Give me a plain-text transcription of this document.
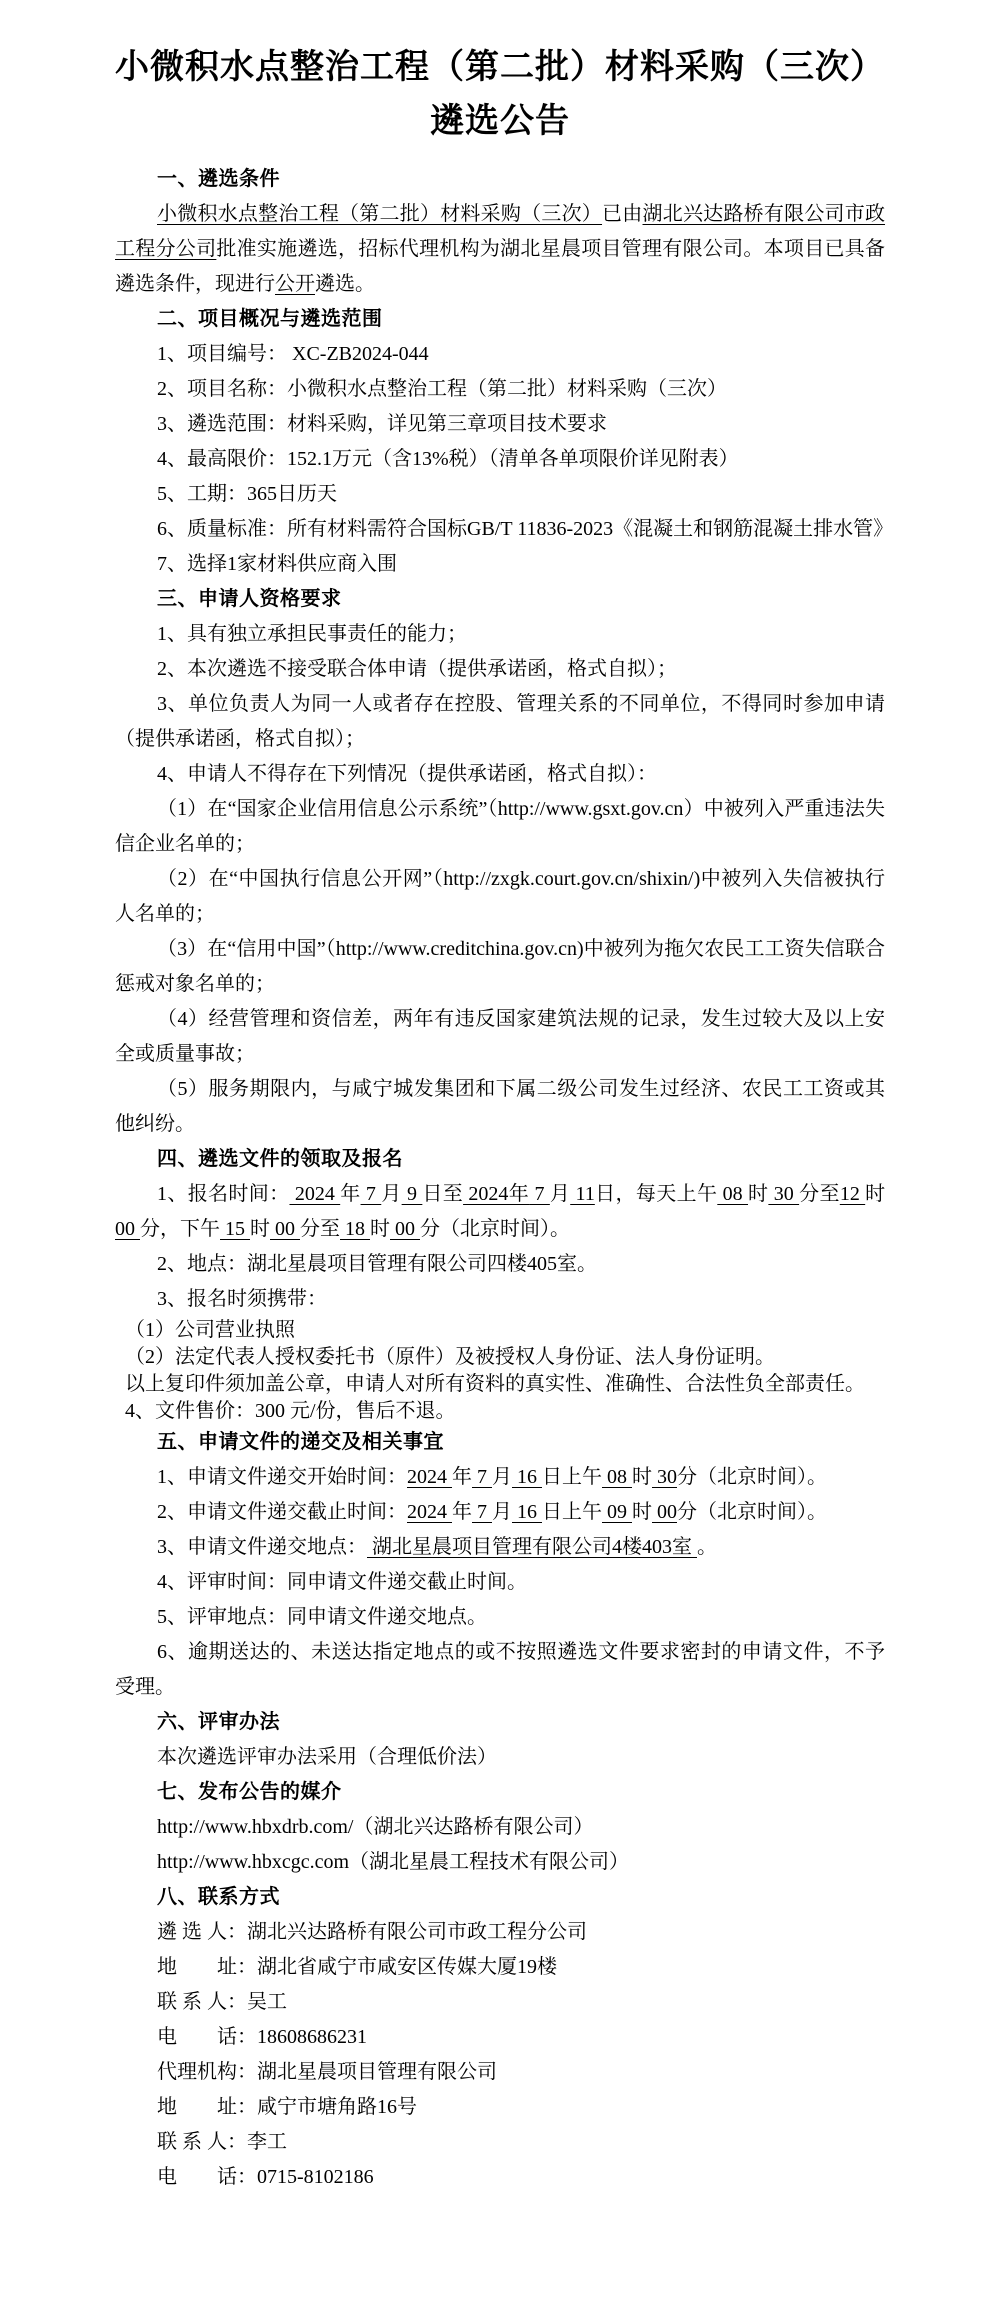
小微积水点整治工程（第二批）材料采购（三次）
遴选公告

一、遴选条件

小微积水点整治工程（第二批）材料采购（三次）已由湖北兴达路桥有限公司市政工程分公司批准实施遴选，招标代理机构为湖北星晨项目管理有限公司。本项目已具备遴选条件，现进行公开遴选。

二、项目概况与遴选范围

1、项目编号： XC-ZB2024-044

2、项目名称：小微积水点整治工程（第二批）材料采购（三次）

3、遴选范围：材料采购，详见第三章项目技术要求

4、最高限价：152.1万元（含13%税）（清单各单项限价详见附表）

5、工期：365日历天

6、质量标准：所有材料需符合国标GB/T 11836-2023《混凝土和钢筋混凝土排水管》

7、选择1家材料供应商入围

三、申请人资格要求

1、具有独立承担民事责任的能力；

2、本次遴选不接受联合体申请（提供承诺函，格式自拟）；

3、单位负责人为同一人或者存在控股、管理关系的不同单位，不得同时参加申请（提供承诺函，格式自拟）；

4、申请人不得存在下列情况（提供承诺函，格式自拟）：

（1）在“国家企业信用信息公示系统”（http://www.gsxt.gov.cn）中被列入严重违法失信企业名单的；

（2）在“中国执行信息公开网”（http://zxgk.court.gov.cn/shixin/)中被列入失信被执行人名单的；

（3）在“信用中国”（http://www.creditchina.gov.cn)中被列为拖欠农民工工资失信联合惩戒对象名单的；

（4）经营管理和资信差，两年有违反国家建筑法规的记录，发生过较大及以上安全或质量事故；

（5）服务期限内，与咸宁城发集团和下属二级公司发生过经济、农民工工资或其他纠纷。

四、遴选文件的领取及报名

1、报名时间： 2024 年 7 月 9 日至 2024年 7 月 11日，每天上午 08 时 30 分至12 时 00 分，下午 15 时 00 分至 18 时 00 分（北京时间）。

2、地点：湖北星晨项目管理有限公司四楼405室。

3、报名时须携带：

（1）公司营业执照

（2）法定代表人授权委托书（原件）及被授权人身份证、法人身份证明。

以上复印件须加盖公章，申请人对所有资料的真实性、准确性、合法性负全部责任。

4、文件售价：300 元/份，售后不退。

五、申请文件的递交及相关事宜

1、申请文件递交开始时间：2024 年 7 月 16 日上午 08 时 30分（北京时间）。

2、申请文件递交截止时间：2024 年 7 月 16 日上午 09 时 00分（北京时间）。

3、申请文件递交地点： 湖北星晨项目管理有限公司4楼403室 。

4、评审时间：同申请文件递交截止时间。

5、评审地点：同申请文件递交地点。

6、逾期送达的、未送达指定地点的或不按照遴选文件要求密封的申请文件，不予受理。

六、评审办法

本次遴选评审办法采用（合理低价法）

七、发布公告的媒介

http://www.hbxdrb.com/（湖北兴达路桥有限公司）

http://www.hbxcgc.com（湖北星晨工程技术有限公司）

八、联系方式

遴 选 人：湖北兴达路桥有限公司市政工程分公司

地　　址：湖北省咸宁市咸安区传媒大厦19楼

联 系 人：吴工

电　　话：18608686231

代理机构：湖北星晨项目管理有限公司

地　　址：咸宁市塘角路16号

联 系 人：李工

电　　话：0715-8102186
